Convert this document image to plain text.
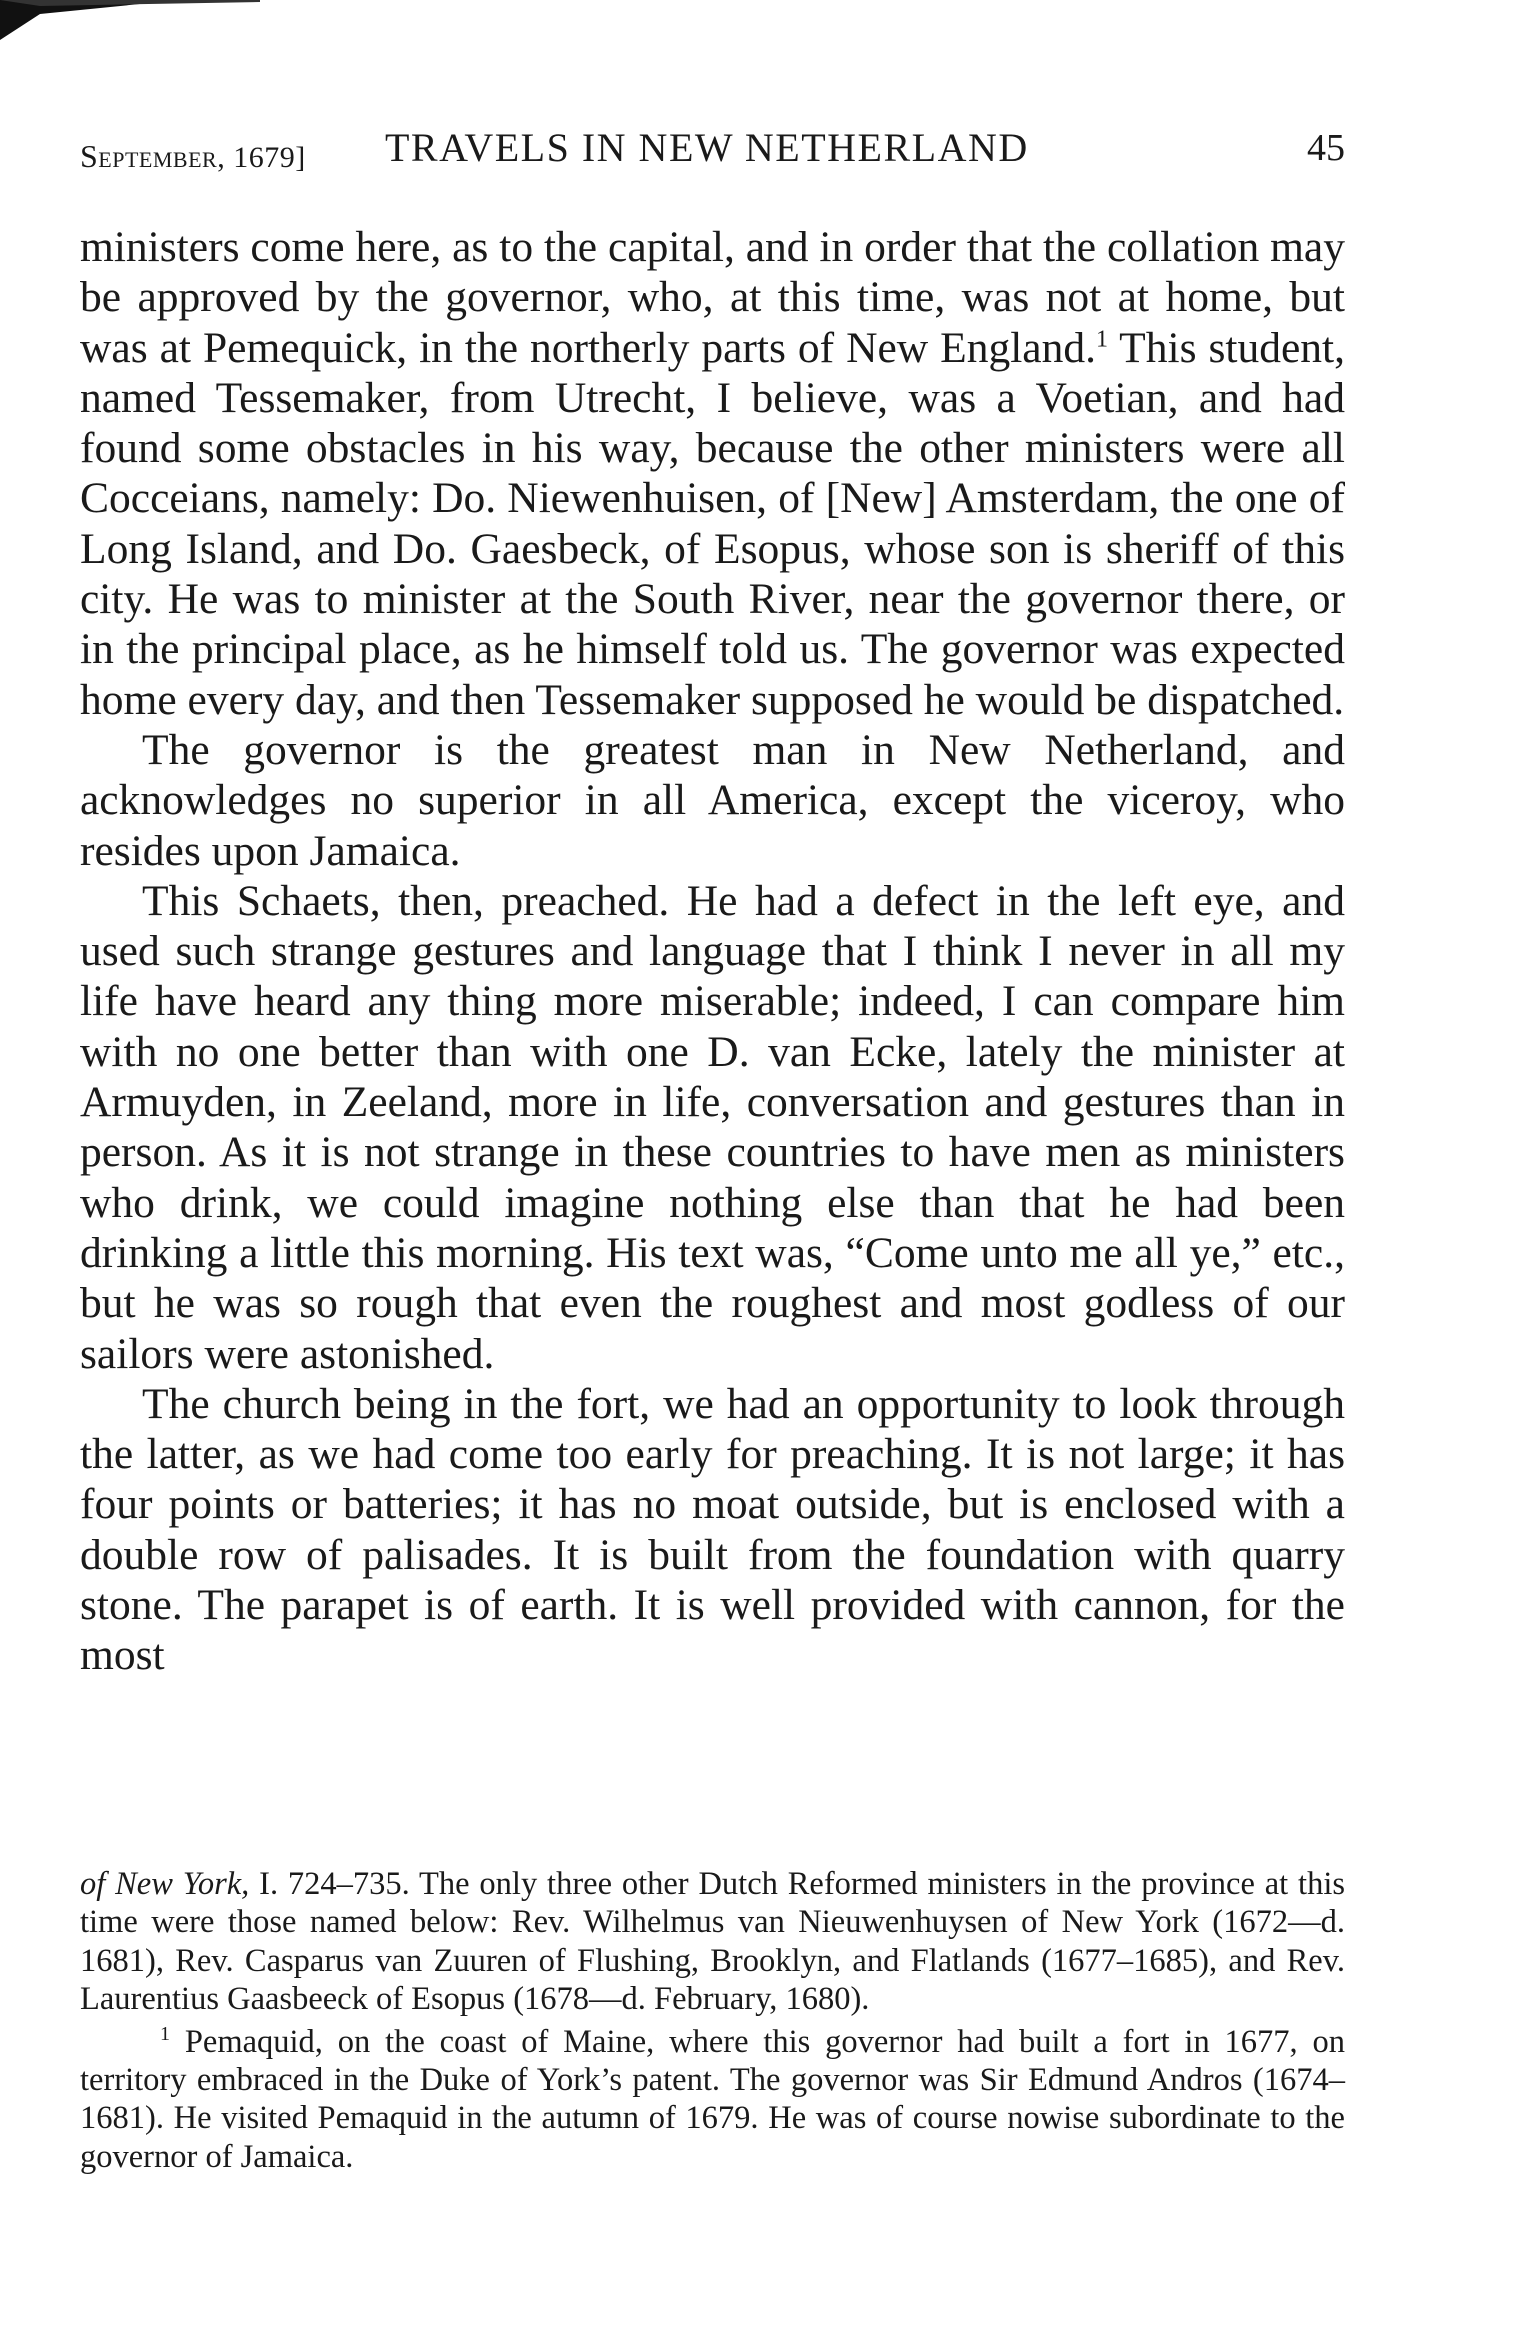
September, 1679] TRAVELS IN NEW NETHERLAND	45

ministers come here, as to the capital, and in order that the collation may be approved by the governor, who, at this time, was not at home, but was at Pemequick, in the northerly parts of New England.$^1$ This student, named Tessemaker, from Utrecht, I believe, was a Voetian, and had found some obstacles in his way, because the other ministers were all Cocceians, namely: Do. Niewenhuisen, of [New] Amsterdam, the one of Long Island, and Do. Gaesbeck, of Esopus, whose son is sheriff of this city. He was to minister at the South River, near the governor there, or in the principal place, as he himself told us. The governor was expected home every day, and then Tessemaker supposed he would be dispatched.

The governor is the greatest man in New Netherland, and acknowledges no superior in all America, except the viceroy, who resides upon Jamaica.

This Schaets, then, preached. He had a defect in the left eye, and used such strange gestures and language that I think I never in all my life have heard any thing more miserable; indeed, I can compare him with no one better than with one D. van Ecke, lately the minister at Armuyden, in Zeeland, more in life, conversation and gestures than in person. As it is not strange in these countries to have men as ministers who drink, we could imagine nothing else than that he had been drinking a little this morning. His text was, “Come unto me all ye,” etc., but he was so rough that even the roughest and most godless of our sailors were astonished.

The church being in the fort, we had an opportunity to look through the latter, as we had come too early for preaching. It is not large; it has four points or batteries; it has no moat outside, but is enclosed with a double row of palisades. It is built from the foundation with quarry stone. The parapet is of earth. It is well provided with cannon, for the most

of New York, I. 724–735. The only three other Dutch Reformed ministers in the province at this time were those named below: Rev. Wilhelmus van Nieuwenhuysen of New York (1672—d. 1681), Rev. Casparus van Zuuren of Flushing, Brooklyn, and Flatlands (1677–1685), and Rev. Laurentius Gaasbeeck of Esopus (1678—d. February, 1680).

$^1$ Pemaquid, on the coast of Maine, where this governor had built a fort in 1677, on territory embraced in the Duke of York’s patent. The governor was Sir Edmund Andros (1674–1681). He visited Pemaquid in the autumn of 1679. He was of course nowise subordinate to the governor of Jamaica.
